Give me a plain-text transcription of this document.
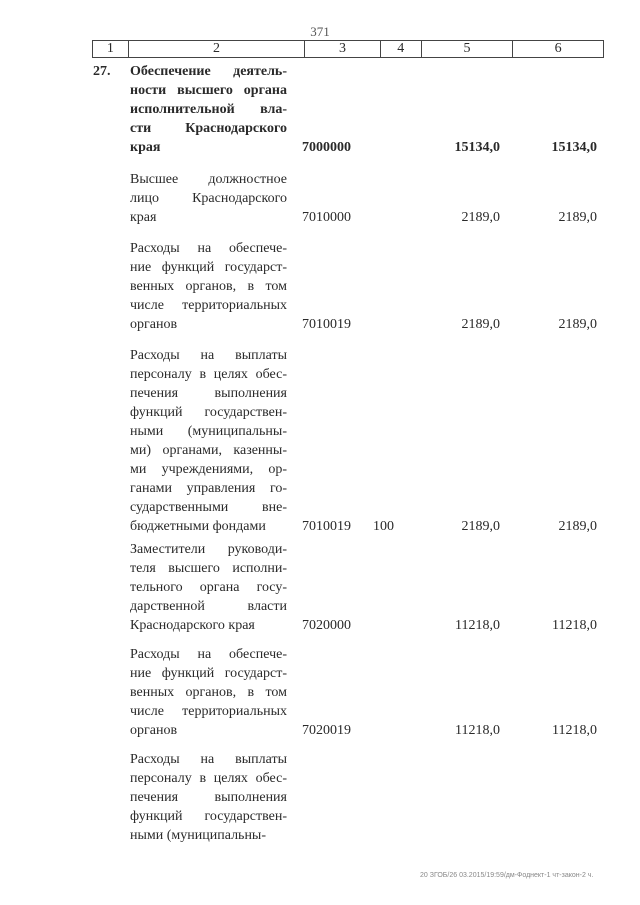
371
1	2	3	4	5	6
27. Обеспечение деятель-
ности высшего органа
исполнительной вла-
сти Краснодарского
края	7000000	15134,0	15134,0
Высшее должностное
лицо Краснодарского
края	7010000	2189,0	2189,0
Расходы на обеспече-
ние функций государст-
венных органов, в том
числе территориальных
органов	7010019	2189,0	2189,0
Расходы на выплаты
персоналу в целях обес-
печения выполнения
функций государствен-
ными (муниципальны-
ми) органами, казенны-
ми учреждениями, ор-
ганами управления го-
сударственными вне-
бюджетными фондами	7010019 100	2189,0	2189,0
Заместители руководи-
теля высшего исполни-
тельного органа госу-
дарственной власти
Краснодарского края	7020000	11218,0	11218,0
Расходы на обеспече-
ние функций государст-
венных органов, в том
числе территориальных
органов	7020019	11218,0	11218,0
Расходы на выплаты
персоналу в целях обес-
печения выполнения
функций государствен-
ными (муниципальны-
20 ЗГОБ/26 03.2015/19:59/дм-Фоднект-1 чт-закон-2 ч.
